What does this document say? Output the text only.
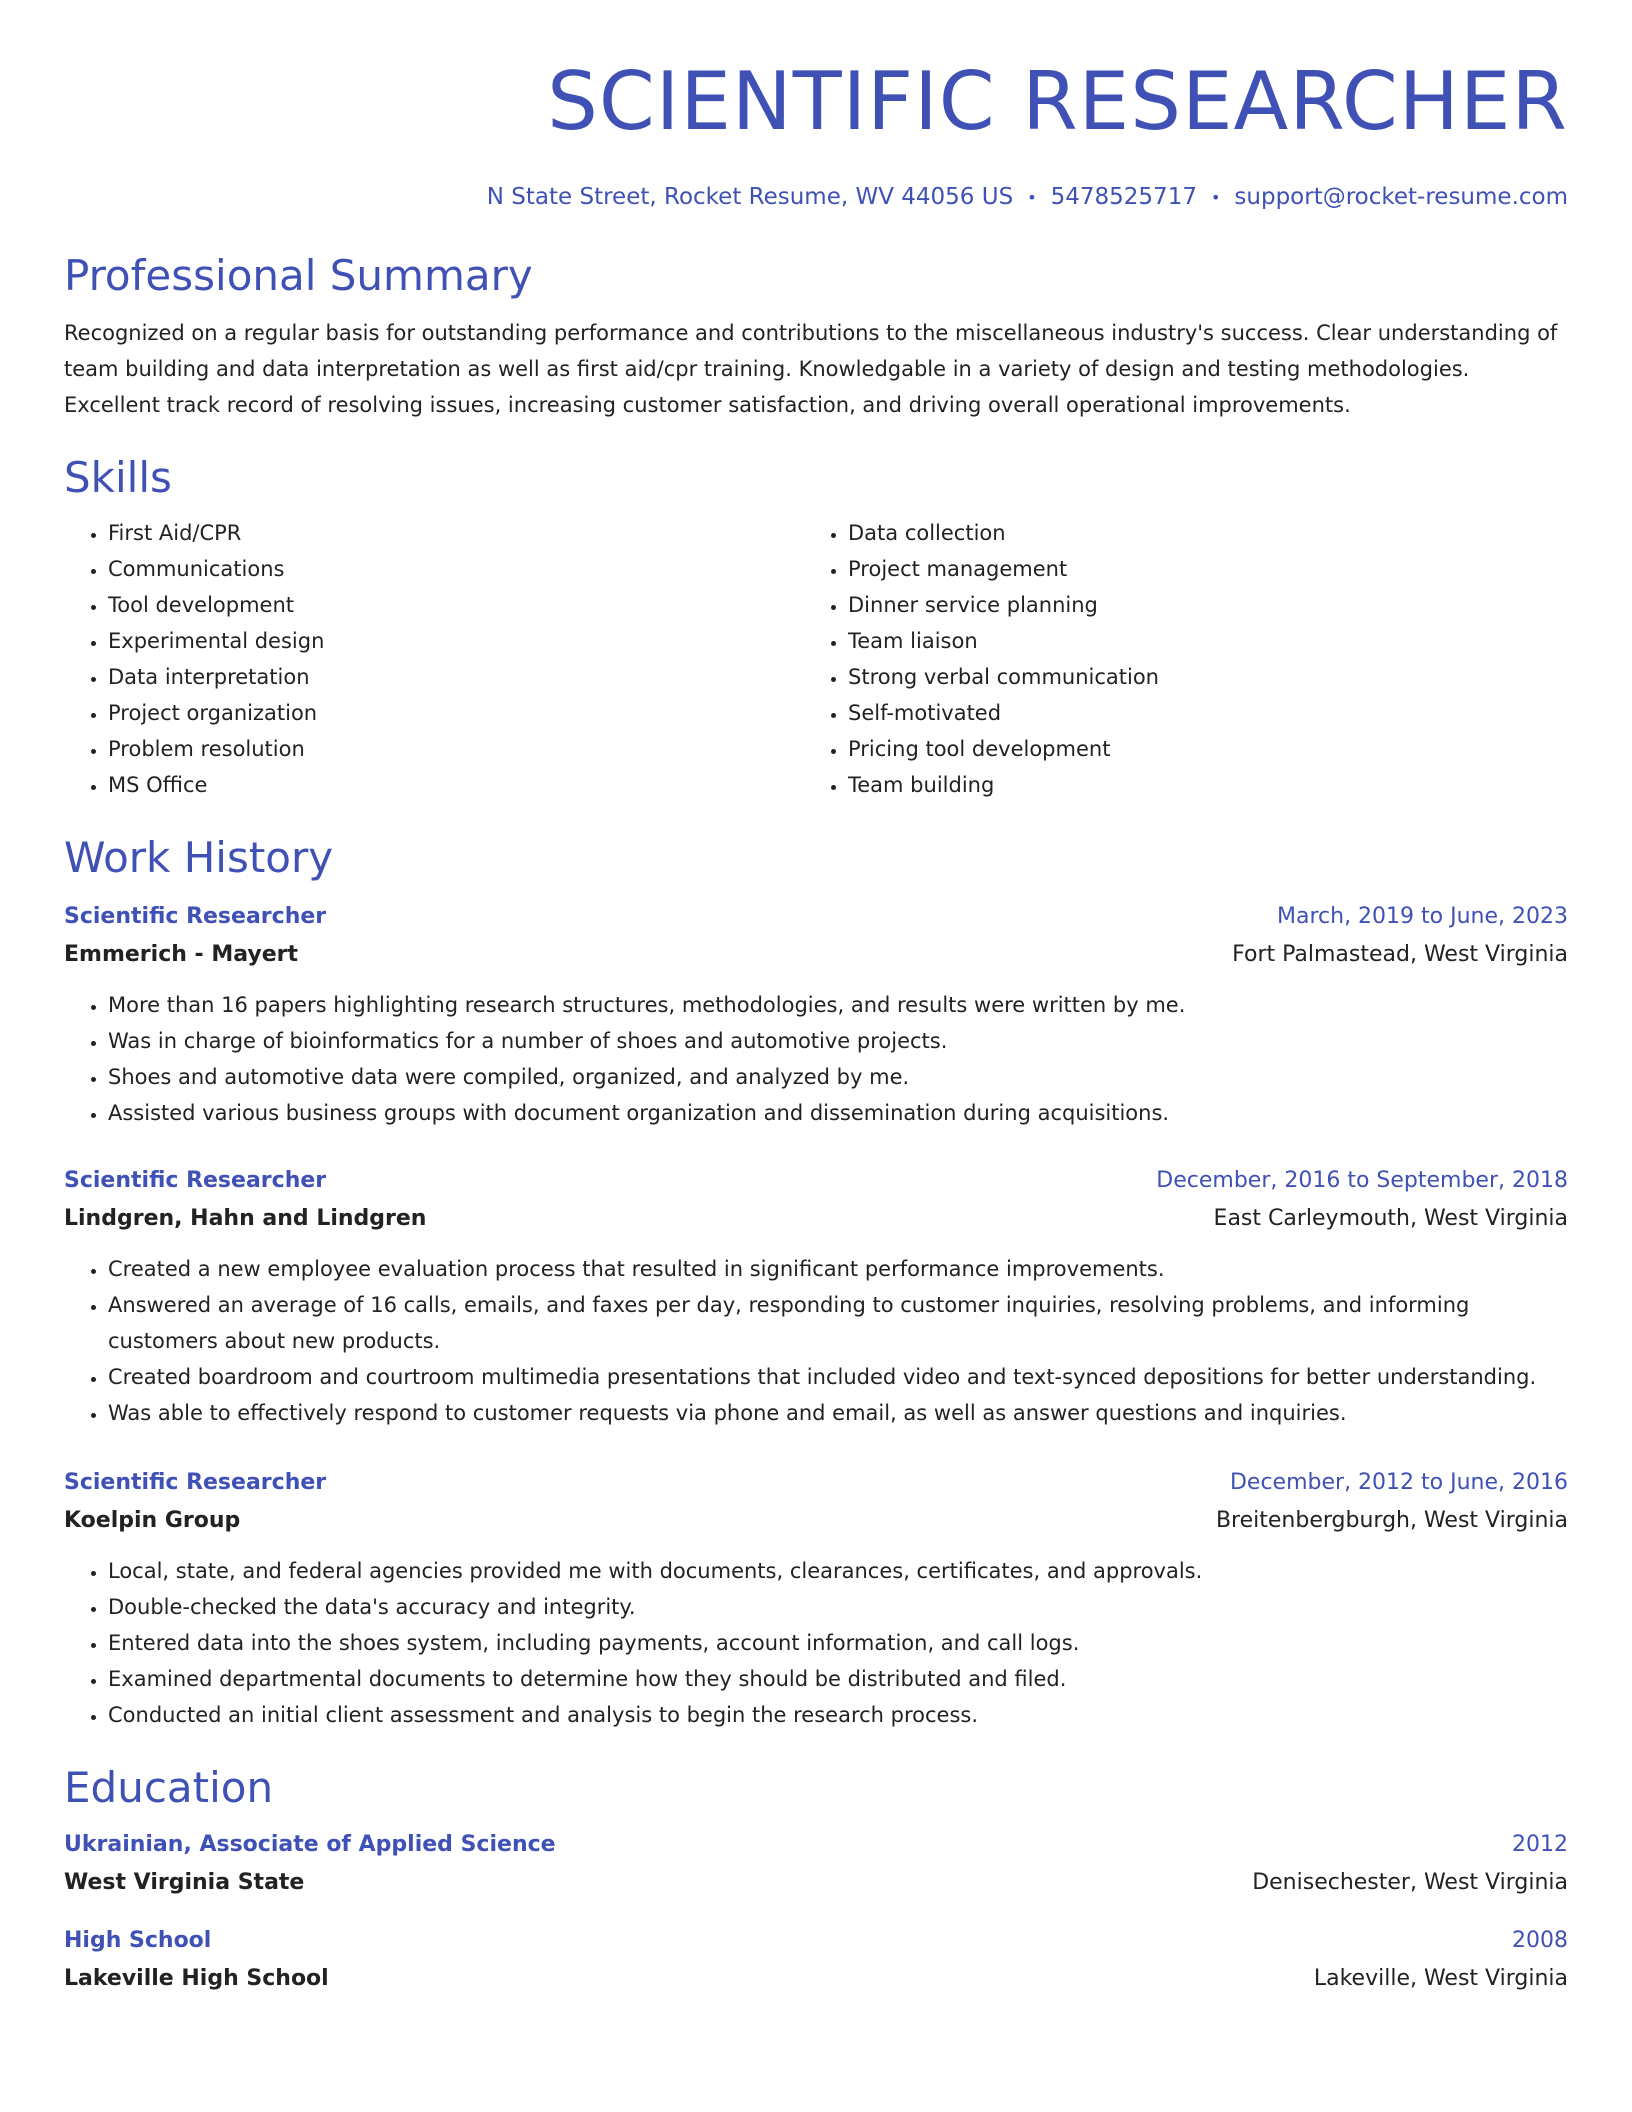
SCIENTIFIC RESEARCHER
N State Street, Rocket Resume, WV 44056 US • 5478525717 • support@rocket-resume.com
Professional Summary
Recognized on a regular basis for outstanding performance and contributions to the miscellaneous industry's success. Clear understanding of team building and data interpretation as well as first aid/cpr training. Knowledgable in a variety of design and testing methodologies. Excellent track record of resolving issues, increasing customer satisfaction, and driving overall operational improvements.
Skills
• First Aid/CPR
• Communications
• Tool development
• Experimental design
• Data interpretation
• Project organization
• Problem resolution
• MS Office
• Data collection
• Project management
• Dinner service planning
• Team liaison
• Strong verbal communication
• Self-motivated
• Pricing tool development
• Team building
Work History
Scientific Researcher	March, 2019 to June, 2023
Emmerich - Mayert	Fort Palmastead, West Virginia
• More than 16 papers highlighting research structures, methodologies, and results were written by me.
• Was in charge of bioinformatics for a number of shoes and automotive projects.
• Shoes and automotive data were compiled, organized, and analyzed by me.
• Assisted various business groups with document organization and dissemination during acquisitions.
Scientific Researcher	December, 2016 to September, 2018
Lindgren, Hahn and Lindgren	East Carleymouth, West Virginia
• Created a new employee evaluation process that resulted in significant performance improvements.
• Answered an average of 16 calls, emails, and faxes per day, responding to customer inquiries, resolving problems, and informing customers about new products.
• Created boardroom and courtroom multimedia presentations that included video and text-synced depositions for better understanding.
• Was able to effectively respond to customer requests via phone and email, as well as answer questions and inquiries.
Scientific Researcher	December, 2012 to June, 2016
Koelpin Group	Breitenbergburgh, West Virginia
• Local, state, and federal agencies provided me with documents, clearances, certificates, and approvals.
• Double-checked the data's accuracy and integrity.
• Entered data into the shoes system, including payments, account information, and call logs.
• Examined departmental documents to determine how they should be distributed and filed.
• Conducted an initial client assessment and analysis to begin the research process.
Education
Ukrainian, Associate of Applied Science	2012
West Virginia State	Denisechester, West Virginia
High School	2008
Lakeville High School	Lakeville, West Virginia
